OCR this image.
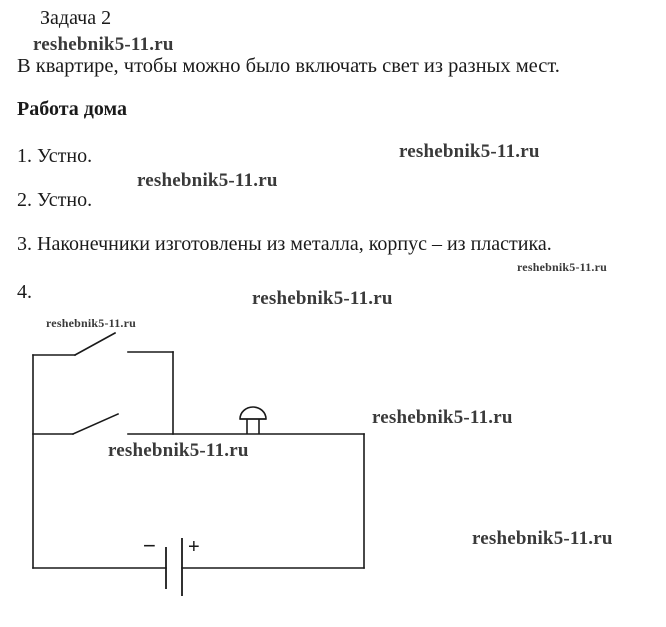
Задача 2
reshebnik5-11.ru
В квартире, чтобы можно было включать свет из разных мест.
Работа дома
1. Устно.	reshebnik5-11.ru
reshebnik5-11.ru
2. Устно.
3. Наконечники изготовлены из металла, корпус – из пластика.
reshebnik5-11.ru
4.	reshebnik5-11.ru
reshebnik5-11.ru
− +
reshebnik5-11.ru
reshebnik5-11.ru
reshebnik5-11.ru
